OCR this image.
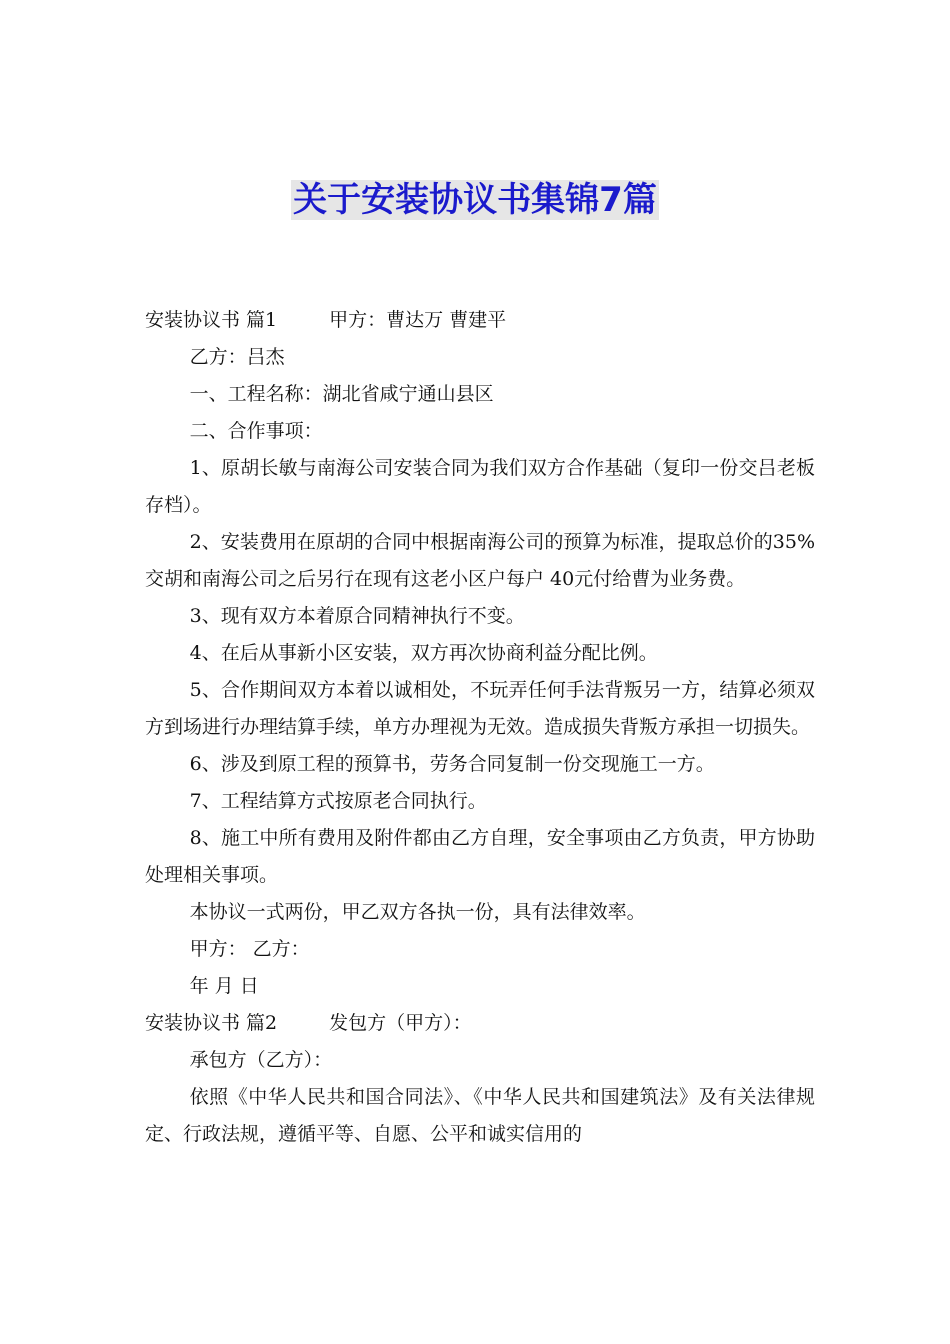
关于安装协议书集锦7篇

安装协议书 篇1	甲方：曹达万 曹建平

乙方：吕杰

一、工程名称：湖北省咸宁通山县区

二、合作事项：

1、原胡长敏与南海公司安装合同为我们双方合作基础（复印一份交吕老板存档）。

2、安装费用在原胡的合同中根据南海公司的预算为标准，提取总价的35%交胡和南海公司之后另行在现有这老小区户每户 40元付给曹为业务费。

3、现有双方本着原合同精神执行不变。

4、在后从事新小区安装，双方再次协商利益分配比例。

5、合作期间双方本着以诚相处，不玩弄任何手法背叛另一方，结算必须双方到场进行办理结算手续，单方办理视为无效。造成损失背叛方承担一切损失。

6、涉及到原工程的预算书，劳务合同复制一份交现施工一方。

7、工程结算方式按原老合同执行。

8、施工中所有费用及附件都由乙方自理，安全事项由乙方负责，甲方协助处理相关事项。

本协议一式两份，甲乙双方各执一份，具有法律效率。

甲方： 乙方：

年 月 日

安装协议书 篇2	发包方（甲方）：

承包方（乙方）：

依照《中华人民共和国合同法》、《中华人民共和国建筑法》及有关法律规定、行政法规，遵循平等、自愿、公平和诚实信用的
